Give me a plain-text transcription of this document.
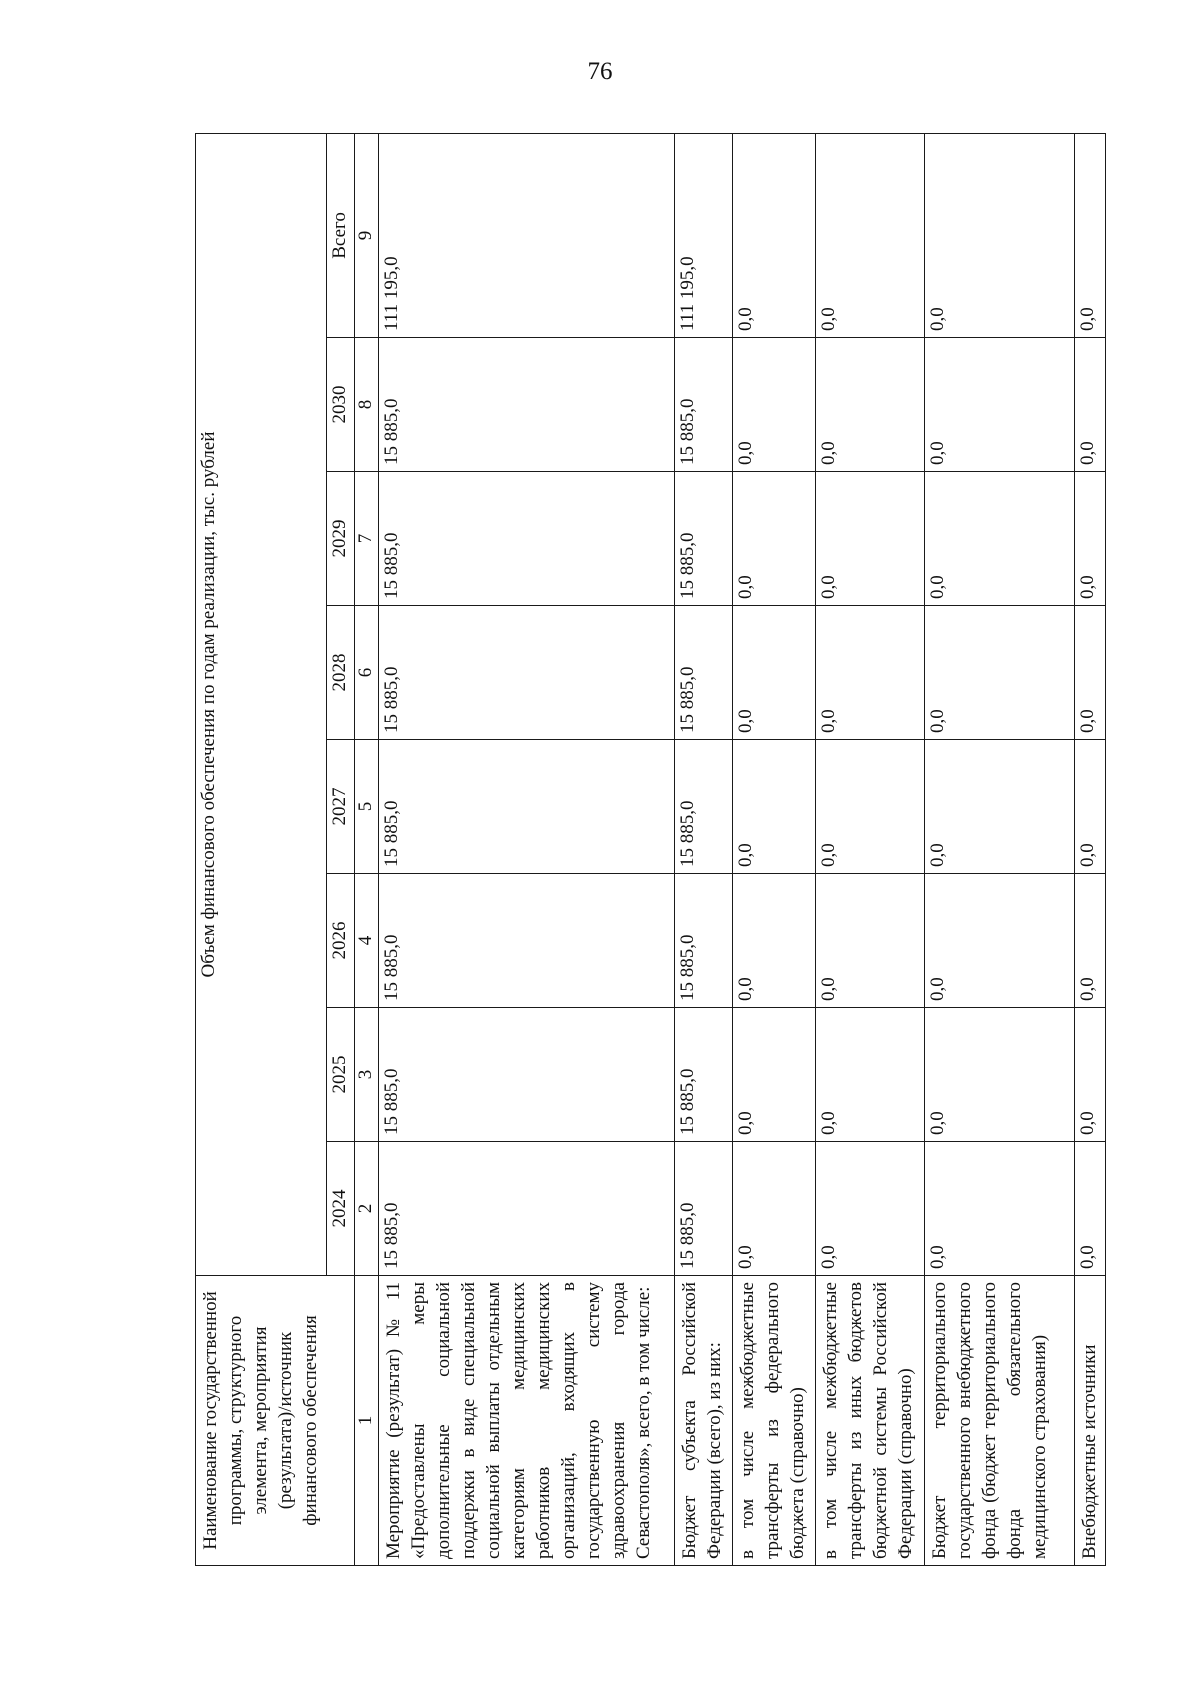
76
Наименование государственной программы, структурного элемента, мероприятия (результата)/источник финансового обеспечения	Объем финансового обеспечения по годам реализации, тыс. рублей							
	2024	2025	2026	2027	2028	2029	2030	Всего
1	2	3	4	5	6	7	8	9
Мероприятие (результат) № 11 «Предоставлены меры дополнительные социальной поддержки в виде специальной социальной выплаты отдельным категориям медицинских работников медицинских организаций, входящих в государственную систему здравоохранения города Севастополя», всего, в том числе:	15 885,0	15 885,0	15 885,0	15 885,0	15 885,0	15 885,0	15 885,0	111 195,0
Бюджет субъекта Российской Федерации (всего), из них:	15 885,0	15 885,0	15 885,0	15 885,0	15 885,0	15 885,0	15 885,0	111 195,0
в том числе межбюджетные трансферты из федерального бюджета (справочно)	0,0	0,0	0,0	0,0	0,0	0,0	0,0	0,0
в том числе межбюджетные трансферты из иных бюджетов бюджетной системы Российской Федерации (справочно)	0,0	0,0	0,0	0,0	0,0	0,0	0,0	0,0
Бюджет территориального государственного внебюджетного фонда (бюджет территориального фонда обязательного медицинского страхования)	0,0	0,0	0,0	0,0	0,0	0,0	0,0	0,0
Внебюджетные источники	0,0	0,0	0,0	0,0	0,0	0,0	0,0	0,0
